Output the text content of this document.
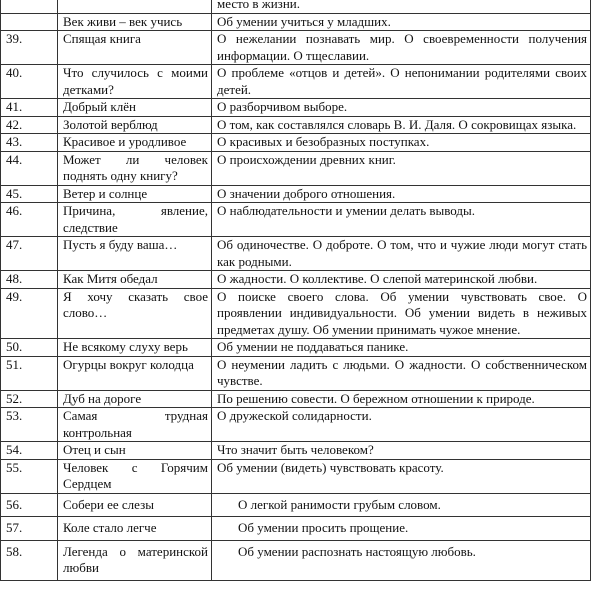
		место в жизни.
	Век живи – век учись	Об умении учиться у младших.
39.	Спящая книга	О нежелании познавать мир. О своевременности получения информации. О тщеславии.
40.	Что случилось с моими детками?	О проблеме «отцов и детей». О непонимании родителями своих детей.
41.	Добрый клён	О разборчивом выборе.
42.	Золотой верблюд	О том, как составлялся словарь В. И. Даля. О сокровищах языка.
43.	Красивое и уродливое	О красивых и безобразных поступках.
44.	Может ли человек поднять одну книгу?	О происхождении древних книг.
45.	Ветер и солнце	О значении доброго отношения.
46.	Причина, явление, следствие	О наблюдательности и умении делать выводы.
47.	Пусть я буду ваша…	Об одиночестве. О доброте. О том, что и чужие люди могут стать как родными.
48.	Как Митя обедал	О жадности. О коллективе. О слепой материнской любви.
49.	Я хочу сказать свое слово…	О поиске своего слова. Об умении чувствовать свое. О проявлении индивидуальности. Об умении видеть в неживых предметах душу. Об умении принимать чужое мнение.
50.	Не всякому слуху верь	Об умении не поддаваться панике.
51.	Огурцы вокруг колодца	О неумении ладить с людьми. О жадности. О собственническом чувстве.
52.	Дуб на дороге	По решению совести. О бережном отношении к природе.
53.	Самая трудная контрольная	О дружеской солидарности.
54.	Отец и сын	Что значит быть человеком?
55.	Человек с Горячим Сердцем	Об умении (видеть) чувствовать красоту.
56.	Собери ее слезы	О легкой ранимости грубым словом.
57.	Коле стало легче	Об умении просить прощение.
58.	Легенда о материнской любви	Об умении распознать настоящую любовь.
